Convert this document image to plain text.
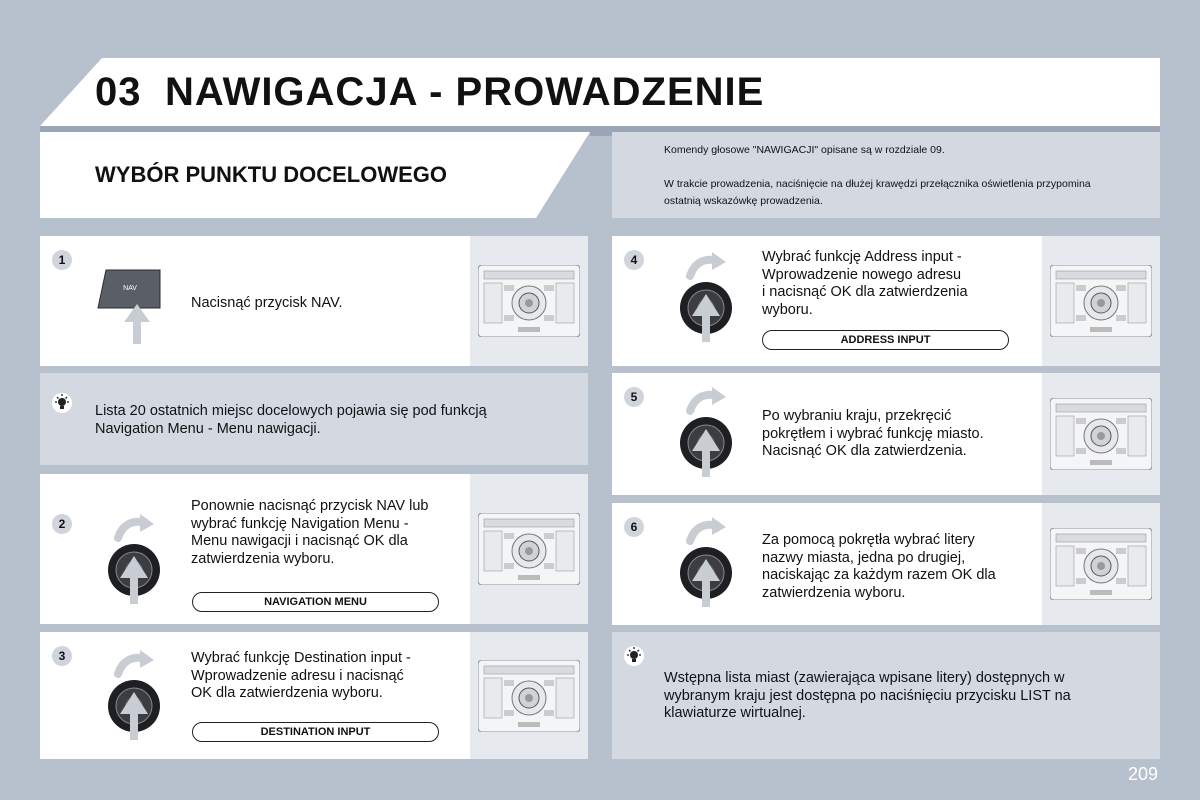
03 NAWIGACJA - PROWADZENIE
WYBÓR PUNKTU DOCELOWEGO
Komendy głosowe "NAWIGACJI" opisane są w rozdziale 09.
W trakcie prowadzenia, naciśnięcie na dłużej krawędzi przełącznika oświetlenia przypomina
ostatnią wskazówkę prowadzenia.
1
NAV
Nacisnąć przycisk NAV.
Lista 20 ostatnich miejsc docelowych pojawia się pod funkcją
Navigation Menu - Menu nawigacji.
2
Ponownie nacisnąć przycisk NAV lub
wybrać funkcję Navigation Menu -
Menu nawigacji i nacisnąć OK dla
zatwierdzenia wyboru.
NAVIGATION MENU
3	Wybrać funkcję Destination input -
Wprowadzenie adresu i nacisnąć
OK dla zatwierdzenia wyboru.
DESTINATION INPUT
4	Wybrać funkcję Address input -
Wprowadzenie nowego adresu
i nacisnąć OK dla zatwierdzenia
wyboru.
ADDRESS INPUT
5
Po wybraniu kraju, przekręcić
pokrętłem i wybrać funkcję miasto.
Nacisnąć OK dla zatwierdzenia.
6
Za pomocą pokrętła wybrać litery
nazwy miasta, jedna po drugiej,
naciskając za każdym razem OK dla
zatwierdzenia wyboru.
Wstępna lista miast (zawierająca wpisane litery) dostępnych w
wybranym kraju jest dostępna po naciśnięciu przycisku LIST na
klawiaturze wirtualnej.
209
